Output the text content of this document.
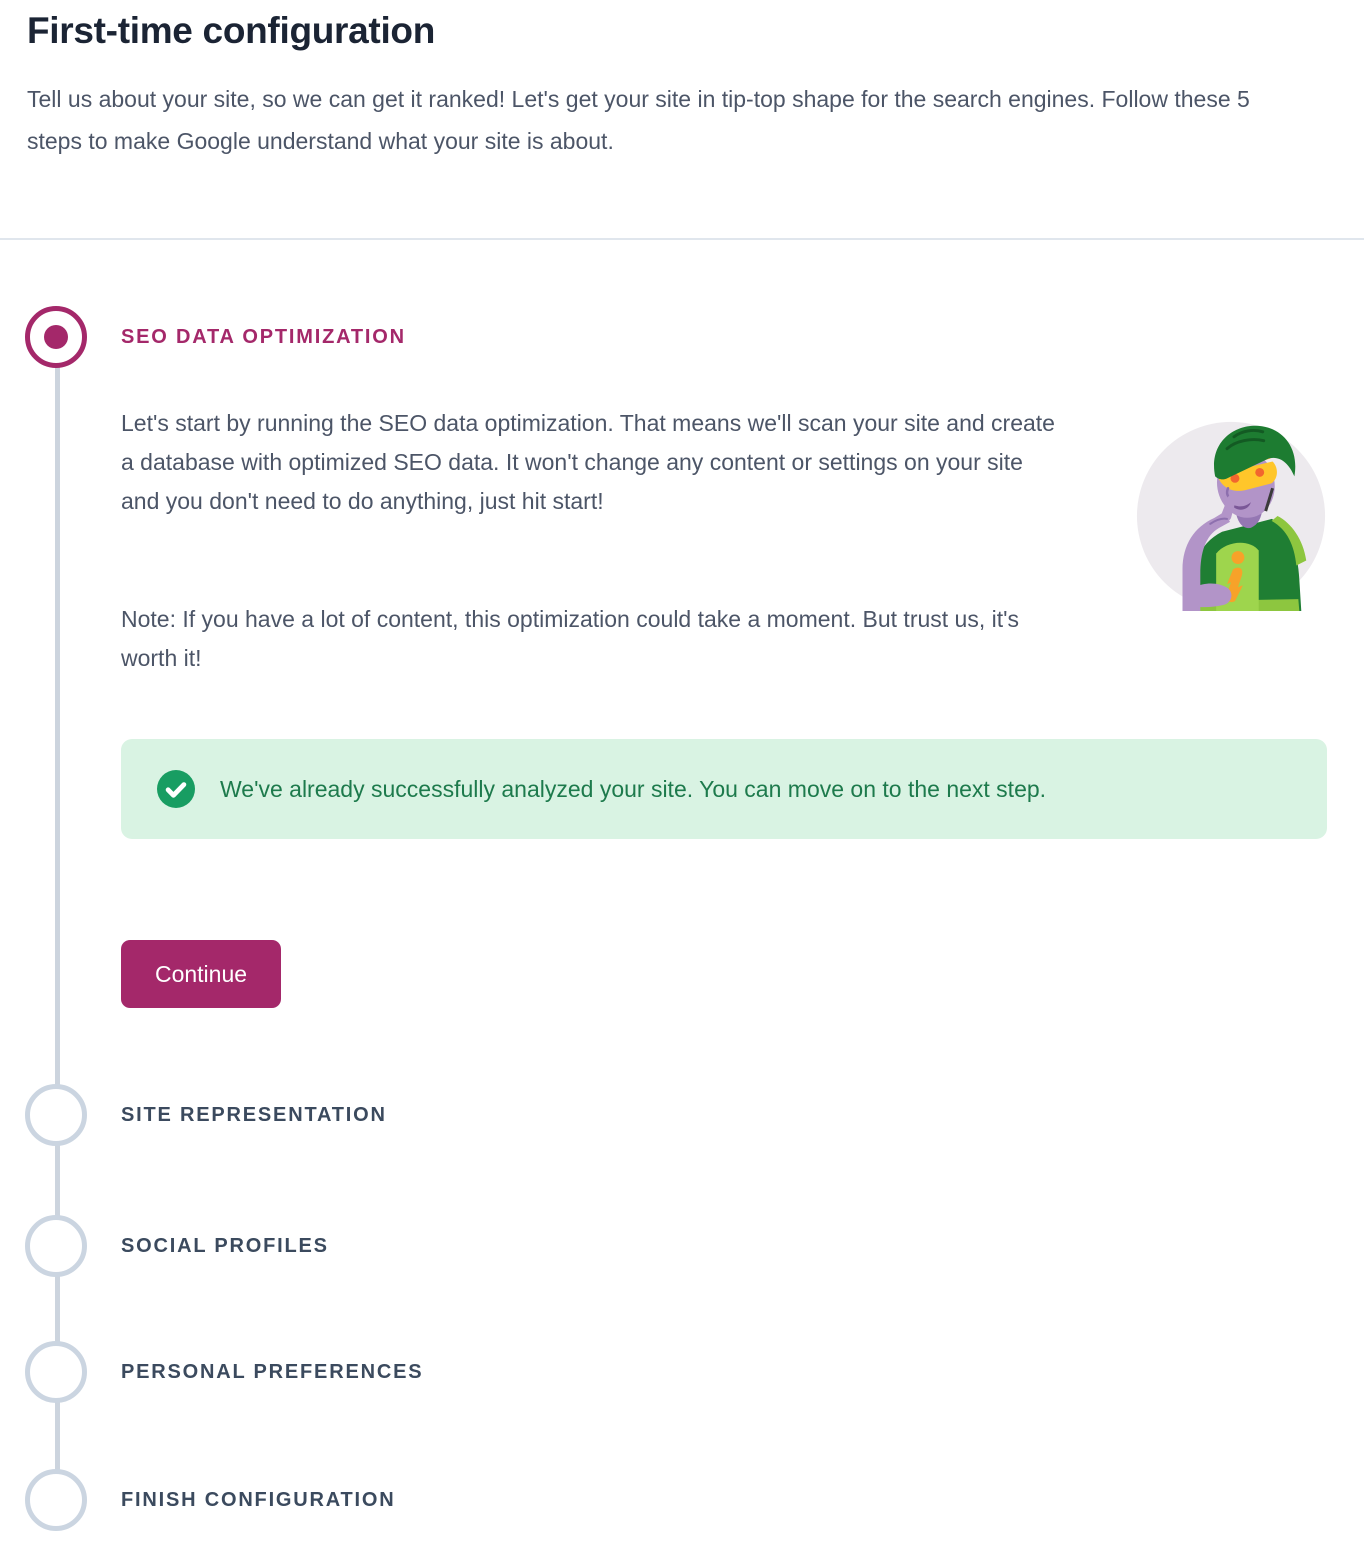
First-time configuration

Tell us about your site, so we can get it ranked! Let's get your site in tip-top shape for the search engines. Follow these 5 steps to make Google understand what your site is about.

SEO DATA OPTIMIZATION

Let's start by running the SEO data optimization. That means we'll scan your site and create a database with optimized SEO data. It won't change any content or settings on your site and you don't need to do anything, just hit start!

Note: If you have a lot of content, this optimization could take a moment. But trust us, it's worth it!

We've already successfully analyzed your site. You can move on to the next step.
Continue
SITE REPRESENTATION
SOCIAL PROFILES
PERSONAL PREFERENCES
FINISH CONFIGURATION
